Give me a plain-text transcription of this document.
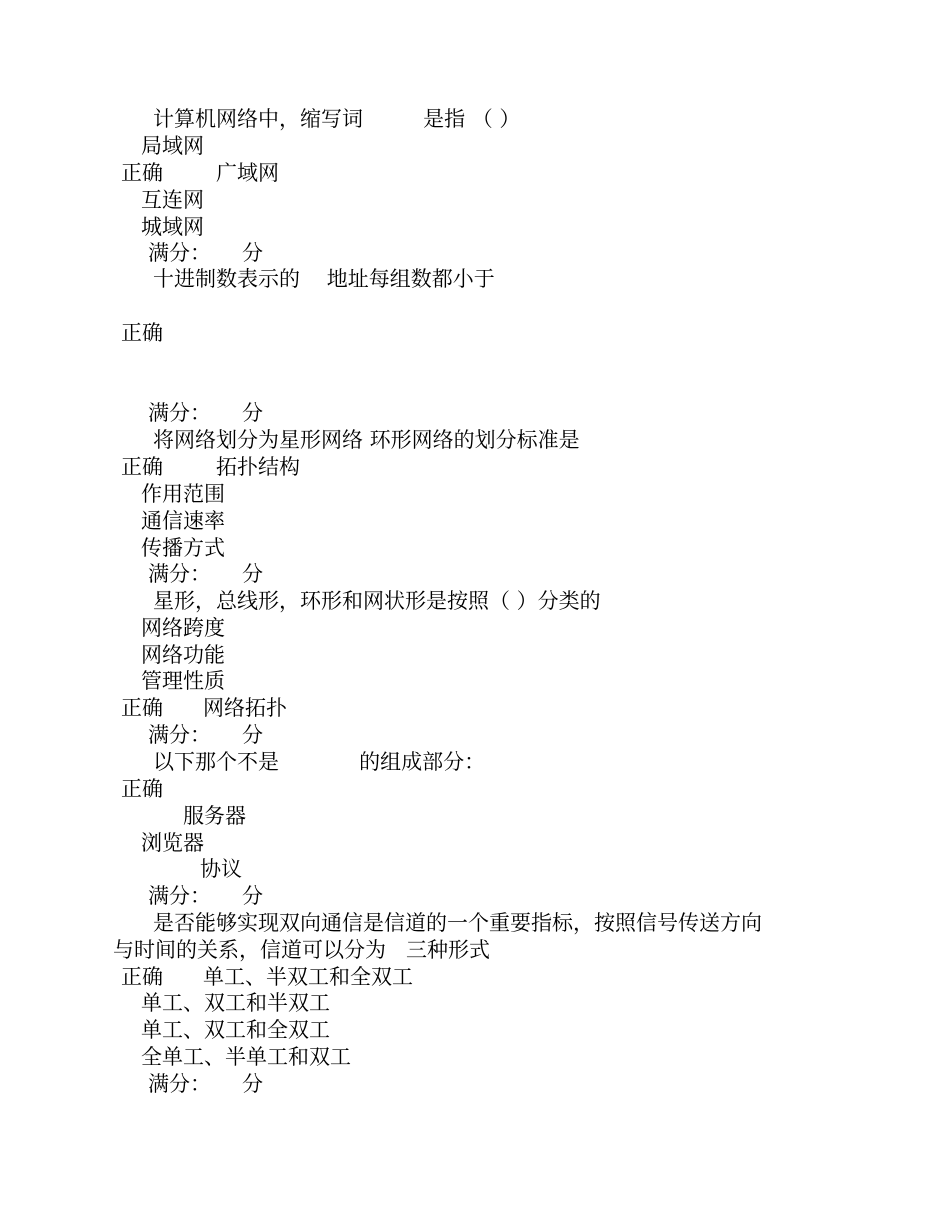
计算机网络中，缩写词         是指 （ ）
局域网
正确	广域网
互连网
城域网
满分： 分
十进制数表示的    地址每组数都小于
正确
满分： 分
将网络划分为星形网络 环形网络的划分标准是
正确	拓扑结构
作用范围
通信速率
传播方式
满分： 分
星形，总线形，环形和网状形是按照（ ）分类的
网络跨度
网络功能
管理性质
正确 网络拓扑
满分： 分
以下那个不是            的组成部分：
正确
服务器
浏览器
协议
满分： 分
是否能够实现双向通信是信道的一个重要指标，按照信号传送方向
与时间的关系，信道可以分为   三种形式
正确 单工、半双工和全双工
单工、双工和半双工
单工、双工和全双工
全单工、半单工和双工
满分： 分
